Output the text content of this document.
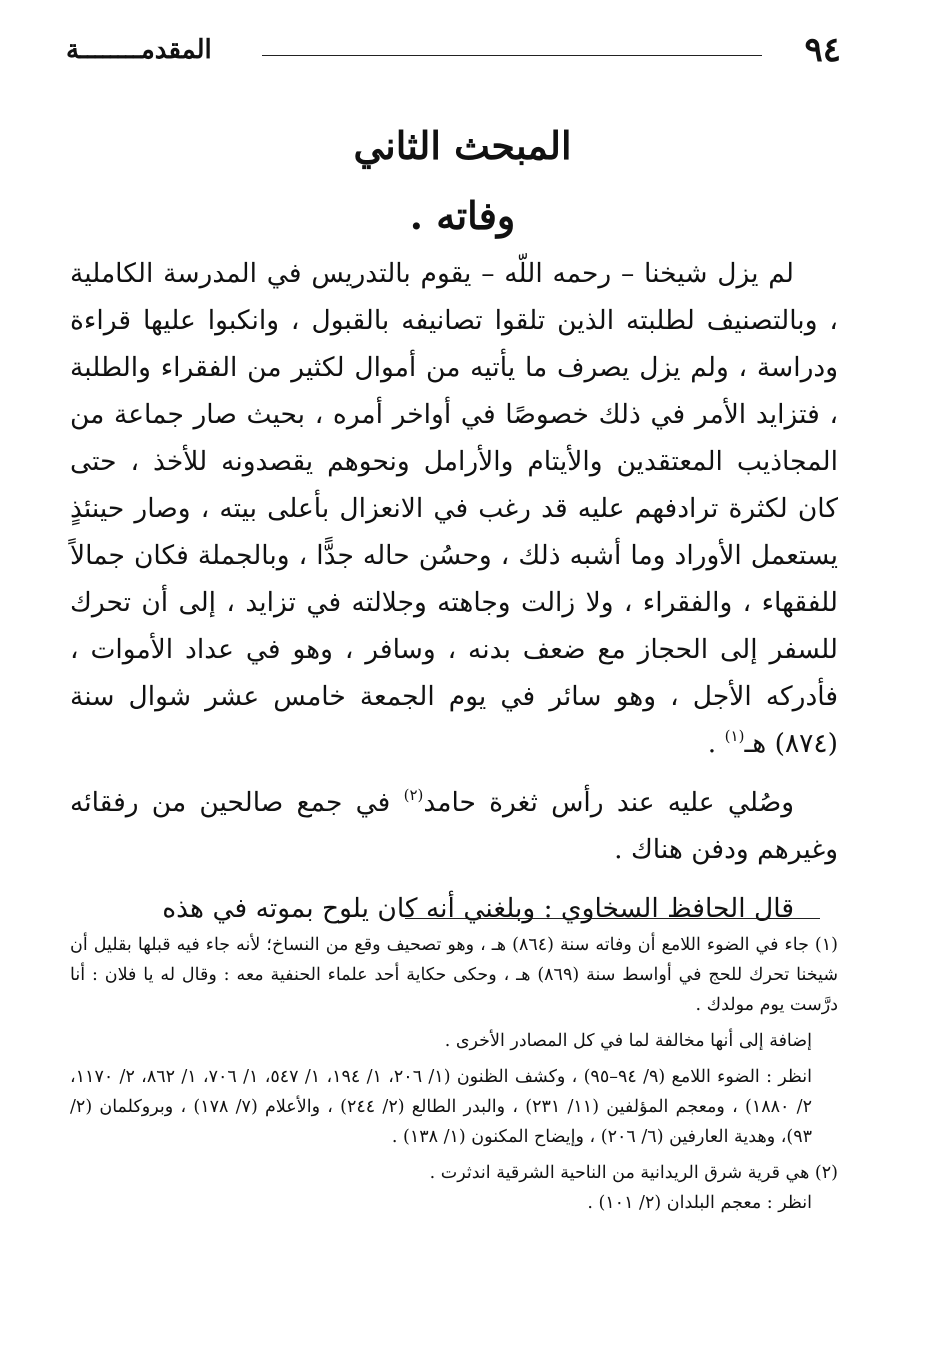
٩٤
المقدمــــــــة
المبحث الثاني
وفاته .

لم يزل شيخنا – رحمه اللّه – يقوم بالتدريس في المدرسة الكاملية ، وبالتصنيف لطلبته الذين تلقوا تصانيفه بالقبول ، وانكبوا عليها قراءة ودراسة ، ولم يزل يصرف ما يأتيه من أموال لكثير من الفقراء والطلبة ، فتزايد الأمر في ذلك خصوصًا في أواخر أمره ، بحيث صار جماعة من المجاذيب المعتقدين والأيتام والأرامل ونحوهم يقصدونه للأخذ ، حتى كان لكثرة ترادفهم عليه قد رغب في الانعزال بأعلى بيته ، وصار حينئذٍ يستعمل الأوراد وما أشبه ذلك ، وحسُن حاله جدًّا ، وبالجملة فكان جمالاً للفقهاء ، والفقراء ، ولا زالت وجاهته وجلالته في تزايد ، إلى أن تحرك للسفر إلى الحجاز مع ضعف بدنه ، وسافر ، وهو في عداد الأموات ، فأدركه الأجل ، وهو سائر في يوم الجمعة خامس عشر شوال سنة (٨٧٤) هـ$^{(١)}$ .

وصُلي عليه عند رأس ثغرة حامد$^{(٢)}$ في جمع صالحين من رفقائه وغيرهم ودفن هناك .

قال الحافظ السخاوي : وبلغني أنه كان يلوح بموته في هذه

(١) جاء في الضوء اللامع أن وفاته سنة (٨٦٤) هـ ، وهو تصحيف وقع من النساخ؛ لأنه جاء فيه قبلها بقليل أن شيخنا تحرك للحج في أواسط سنة (٨٦٩) هـ ، وحكى حكاية أحد علماء الحنفية معه : وقال له يا فلان : أنا درَّست يوم مولدك .

إضافة إلى أنها مخالفة لما في كل المصادر الأخرى .

انظر : الضوء اللامع (٩/ ٩٤–٩٥) ، وكشف الظنون (١/ ٢٠٦، ١/ ١٩٤، ١/ ٥٤٧، ١/ ٧٠٦، ١/ ٨٦٢، ٢/ ١١٧٠، ٢/ ١٨٨٠) ، ومعجم المؤلفين (١١/ ٢٣١) ، والبدر الطالع (٢/ ٢٤٤) ، والأعلام (٧/ ١٧٨) ، وبروكلمان (٢/ ٩٣)، وهدية العارفين (٦/ ٢٠٦) ، وإيضاح المكنون (١/ ١٣٨) .

(٢) هي قرية شرق الريدانية من الناحية الشرقية اندثرت .

انظر : معجم البلدان (٢/ ١٠١) .
